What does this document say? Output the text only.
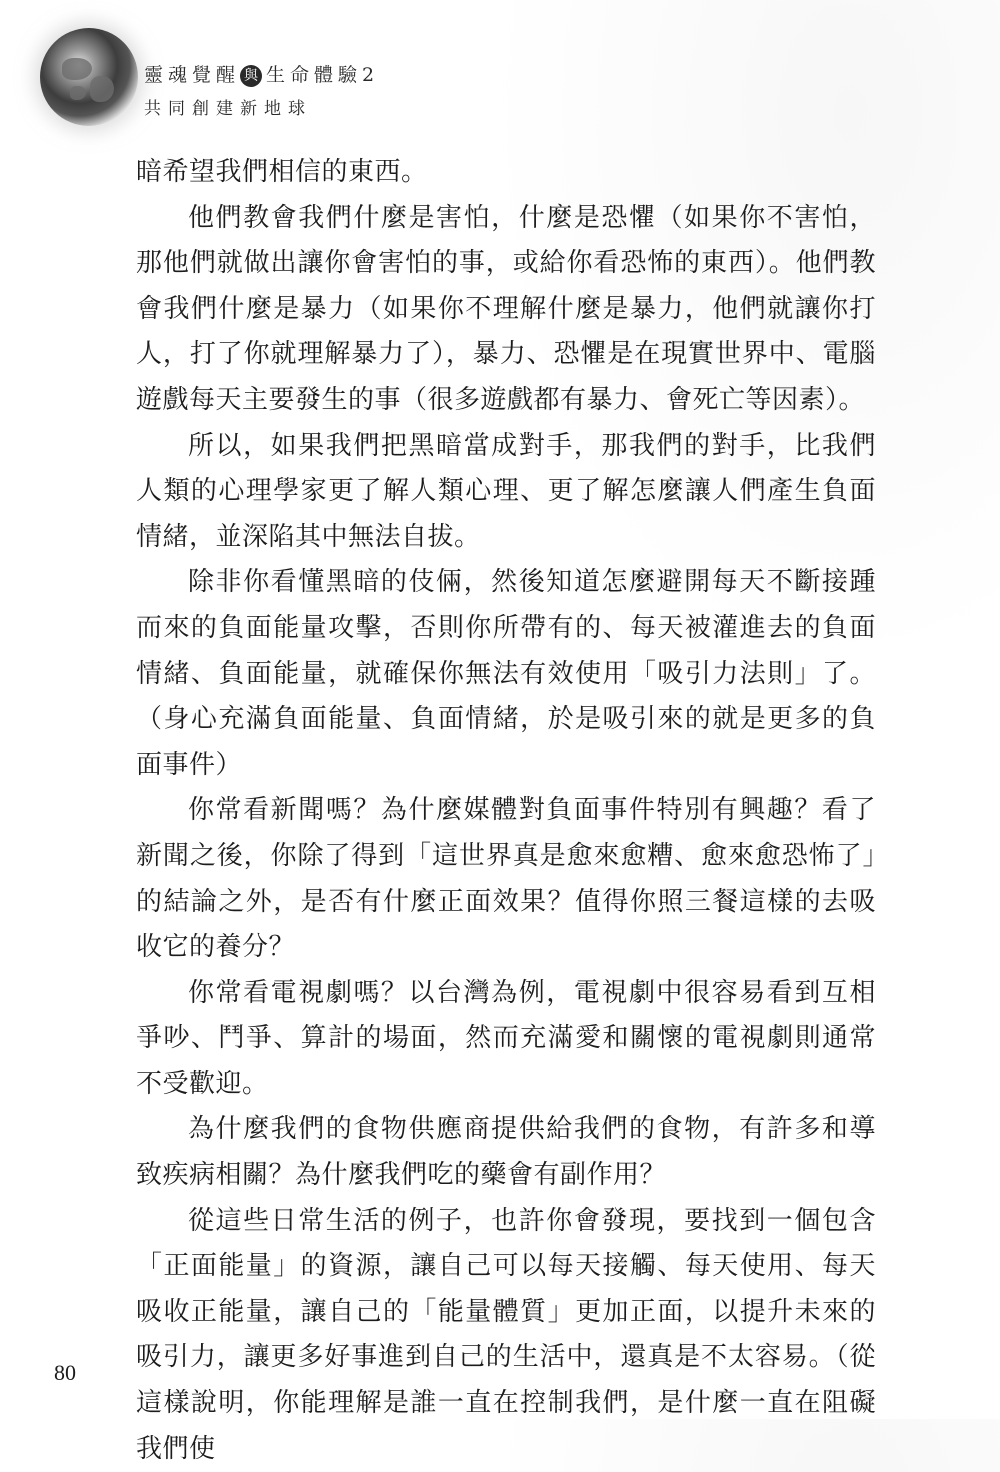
靈魂覺醒 與 生命體驗2
共同創建新地球

暗希望我們相信的東西。

他們教會我們什麼是害怕，什麼是恐懼（如果你不害怕，那他們就做出讓你會害怕的事，或給你看恐怖的東西）。他們教會我們什麼是暴力（如果你不理解什麼是暴力，他們就讓你打人，打了你就理解暴力了），暴力、恐懼是在現實世界中、電腦遊戲每天主要發生的事（很多遊戲都有暴力、會死亡等因素）。

所以，如果我們把黑暗當成對手，那我們的對手，比我們人類的心理學家更了解人類心理、更了解怎麼讓人們產生負面情緒，並深陷其中無法自拔。

除非你看懂黑暗的伎倆，然後知道怎麼避開每天不斷接踵而來的負面能量攻擊，否則你所帶有的、每天被灌進去的負面情緒、負面能量，就確保你無法有效使用「吸引力法則」了。（身心充滿負面能量、負面情緒，於是吸引來的就是更多的負面事件）

你常看新聞嗎？為什麼媒體對負面事件特別有興趣？看了新聞之後，你除了得到「這世界真是愈來愈糟、愈來愈恐怖了」的結論之外，是否有什麼正面效果？值得你照三餐這樣的去吸收它的養分？

你常看電視劇嗎？以台灣為例，電視劇中很容易看到互相爭吵、鬥爭、算計的場面，然而充滿愛和關懷的電視劇則通常不受歡迎。

為什麼我們的食物供應商提供給我們的食物，有許多和導致疾病相關？為什麼我們吃的藥會有副作用？

從這些日常生活的例子，也許你會發現，要找到一個包含「正面能量」的資源，讓自己可以每天接觸、每天使用、每天吸收正能量，讓自己的「能量體質」更加正面，以提升未來的吸引力，讓更多好事進到自己的生活中，還真是不太容易。（從這樣說明，你能理解是誰一直在控制我們，是什麼一直在阻礙我們使

80
